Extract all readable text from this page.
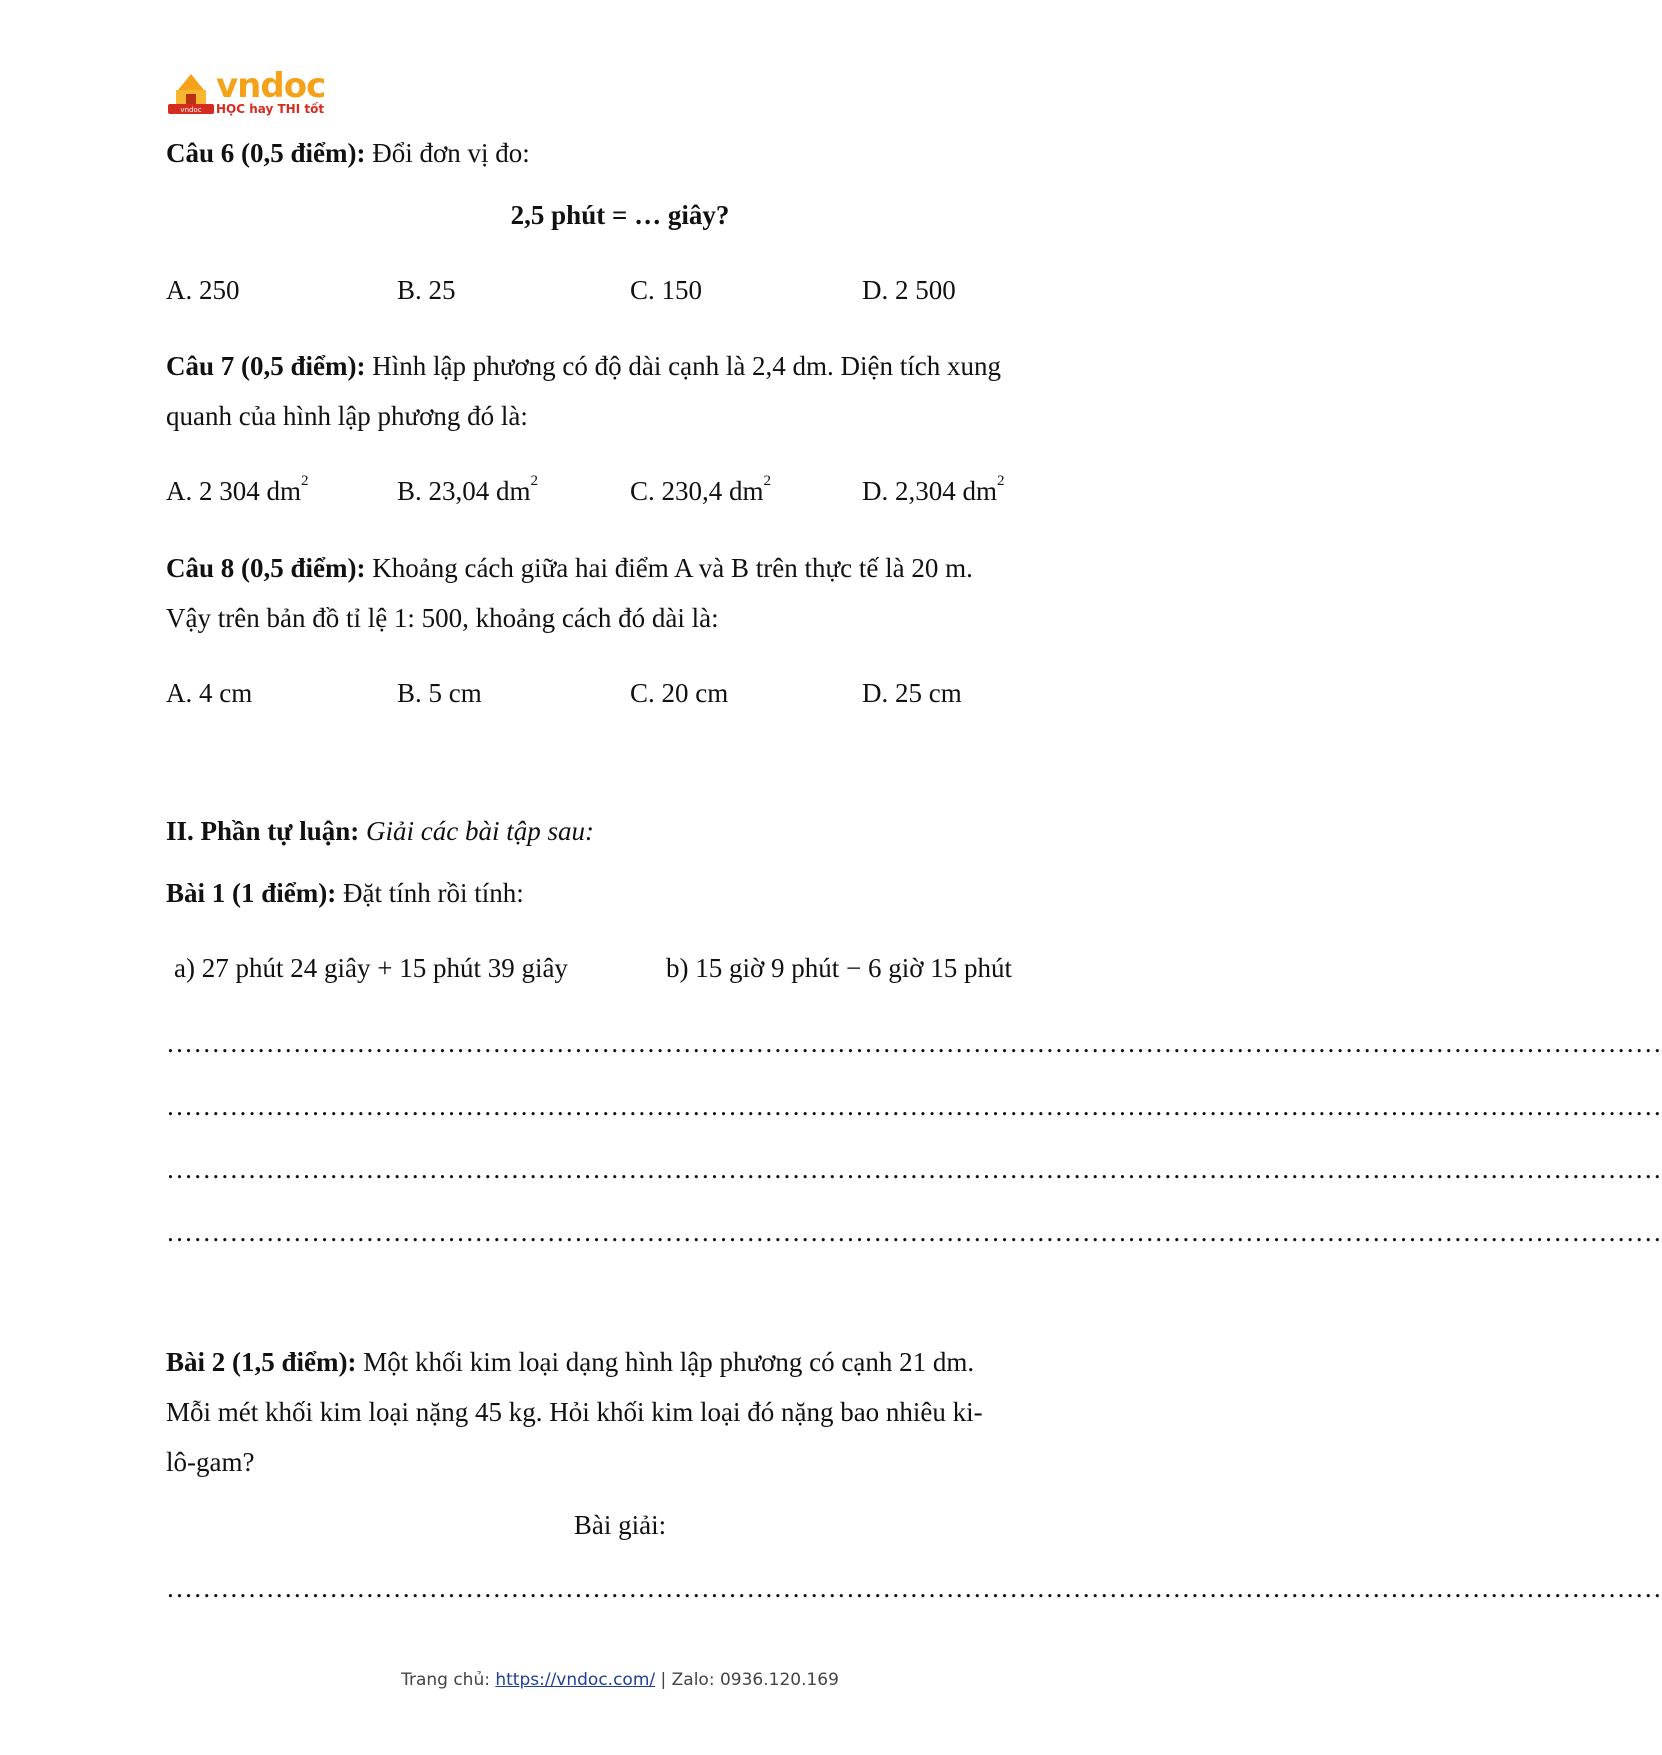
vndoc
vndoc
HỌC hay THI tốt
Câu 6 (0,5 điểm): Đổi đơn vị đo:
2,5 phút = … giây?
A. 250	B. 25	C. 150	D. 2 500
Câu 7 (0,5 điểm): Hình lập phương có độ dài cạnh là 2,4 dm. Diện tích xung
quanh của hình lập phương đó là:
A. 2 304 $dm^2$	B. 23,04 $dm^2$	C. 230,4 $dm^2$	D. 2,304 $dm^2$
Câu 8 (0,5 điểm): Khoảng cách giữa hai điểm A và B trên thực tế là 20 m.
Vậy trên bản đồ tỉ lệ 1: 500, khoảng cách đó dài là:
A. 4 cm	B. 5 cm	C. 20 cm	D. 25 cm
II. Phần tự luận: Giải các bài tập sau:
Bài 1 (1 điểm): Đặt tính rồi tính:
a) 27 phút 24 giây + 15 phút 39 giây	b) 15 giờ 9 phút − 6 giờ 15 phút
…………………………………………………………………………………………………………………………………………………
…………………………………………………………………………………………………………………………………………………
…………………………………………………………………………………………………………………………………………………
…………………………………………………………………………………………………………………………………………………
Bài 2 (1,5 điểm): Một khối kim loại dạng hình lập phương có cạnh 21 dm.
Mỗi mét khối kim loại nặng 45 kg. Hỏi khối kim loại đó nặng bao nhiêu ki-
lô-gam?
Bài giải:
…………………………………………………………………………………………………………………………………………………
Trang chủ: https://vndoc.com/ | Zalo: 0936.120.169
